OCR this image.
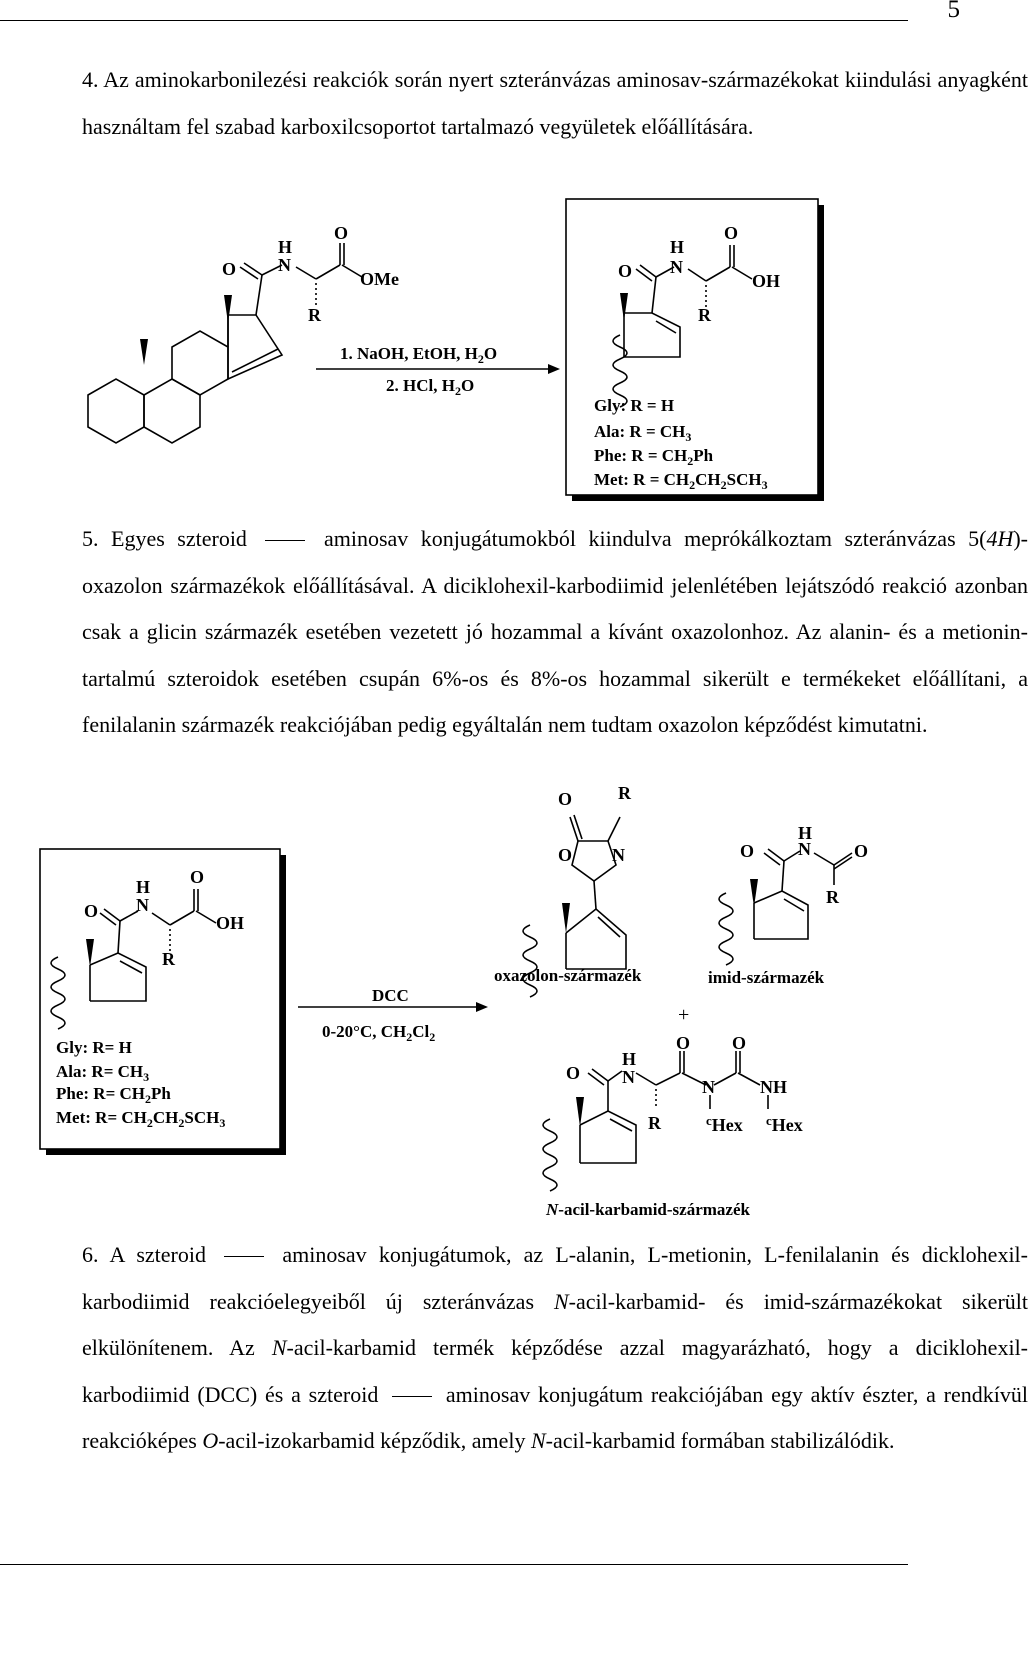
5

4. Az aminokarbonilezési reakciók során nyert szteránvázas aminosav-származékokat kiindulási anyagként használtam fel szabad karboxilcsoportot tartalmazó vegyületek előállítására.

O
H
N
O
OMe
R
1. NaOH, EtOH, $H_2O$
2. HCl, $H_2O$
O
H
N
O
OH
R
Gly: R = H
Ala: $R = CH_3$
Phe: $R = CH_2Ph$
Met: $R = CH_2CH_2SCH_3$

5. Egyes szteroid	aminosav konjugátumokból kiindulva meprókálkoztam szteránvázas 5(4H)-oxazolon származékok előállításával. A diciklohexil-karbodiimid jelenlétében lejátszódó reakció azonban csak a glicin származék esetében vezetett jó hozammal a kívánt oxazolonhoz. Az alanin- és a metionin-tartalmú szteroidok esetében csupán 6%-os és 8%-os hozammal sikerült e termékeket előállítani, a fenilalanin származék reakciójában pedig egyáltalán nem tudtam oxazolon képződést kimutatni.

O
H
N
O
OH
R
Gly: R= H
Ala: $R= CH_3$
Phe: $R= CH_2Ph$
Met: $R= CH_2CH_2SCH_3$
DCC
0-20°C, $CH_2Cl_2$
O	R
O N
oxazolon-származék
O
H
N O
R
imid-származék
+
O
H
N
O O
N	NH
R	$^c$Hex $^c$Hex
N-acil-karbamid-származék

6. A szteroid	aminosav konjugátumok, az L-alanin, L-metionin, L-fenilalanin és dicklohexil-karbodiimid reakcióelegyeiből új szteránvázas N-acil-karbamid- és imid-származékokat sikerült elkülönítenem. Az N-acil-karbamid termék képződése azzal magyarázható, hogy a diciklohexil-karbodiimid (DCC) és a szteroid	aminosav konjugátum reakciójában egy aktív észter, a rendkívül reakcióképes O-acil-izokarbamid képződik, amely N-acil-karbamid formában stabilizálódik.
